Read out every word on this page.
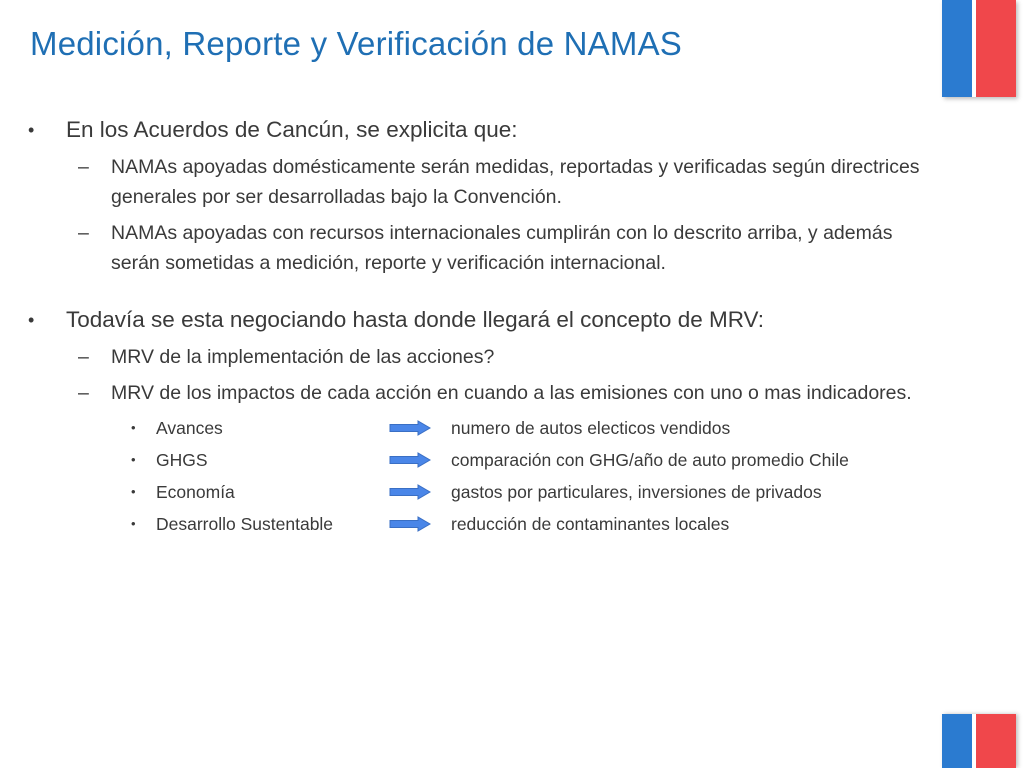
Medición, Reporte y Verificación de NAMAS
•	En los Acuerdos de Cancún, se explicita que:
– NAMAs apoyadas domésticamente serán medidas, reportadas y verificadas según directrices generales por ser desarrolladas bajo la Convención.
– NAMAs apoyadas con recursos internacionales cumplirán con lo descrito arriba, y además serán sometidas a medición, reporte y verificación internacional.
•	Todavía se esta negociando hasta donde llegará el concepto de MRV:
– MRV de la implementación de las acciones?
– MRV de los impactos de cada acción en cuando a las emisiones con uno o mas indicadores.
• Avances	numero de autos electicos vendidos
• GHGS	comparación con GHG/año de auto promedio Chile
• Economía	gastos por particulares, inversiones de privados
• Desarrollo Sustentable	reducción de contaminantes locales
